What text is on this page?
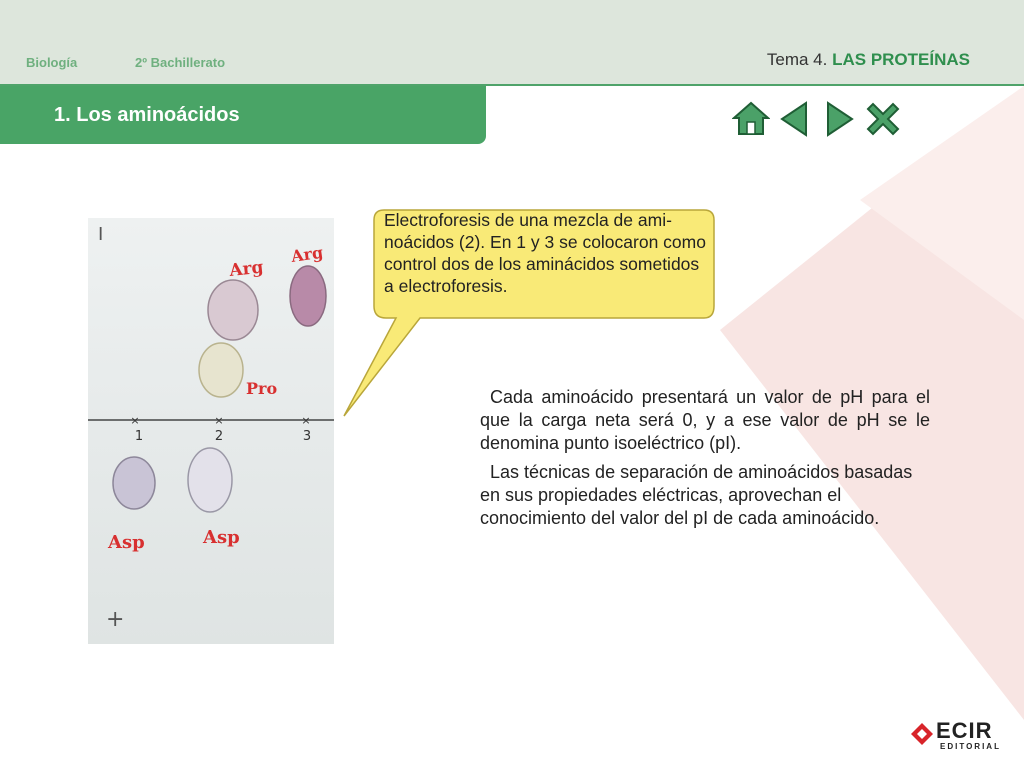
Biología	2º Bachillerato	Tema 4. LAS PROTEÍNAS
1. Los aminoácidos
I
Arg
Arg
Pro
Asp	Asp
×	×	×
1	2	3
+
Electroforesis de una mezcla de ami-noácidos (2). En 1 y 3 se colocaron como control dos de los aminácidos sometidos a electroforesis.

Cada aminoácido presentará un valor de pH para el que la carga neta será 0, y a ese valor de pH se le denomina punto isoeléctrico (pI).

Las técnicas de separación de aminoácidos basadas en sus propiedades eléctricas, aprovechan el conocimiento del valor del pI de cada aminoácido.

ECIR
EDITORIAL
